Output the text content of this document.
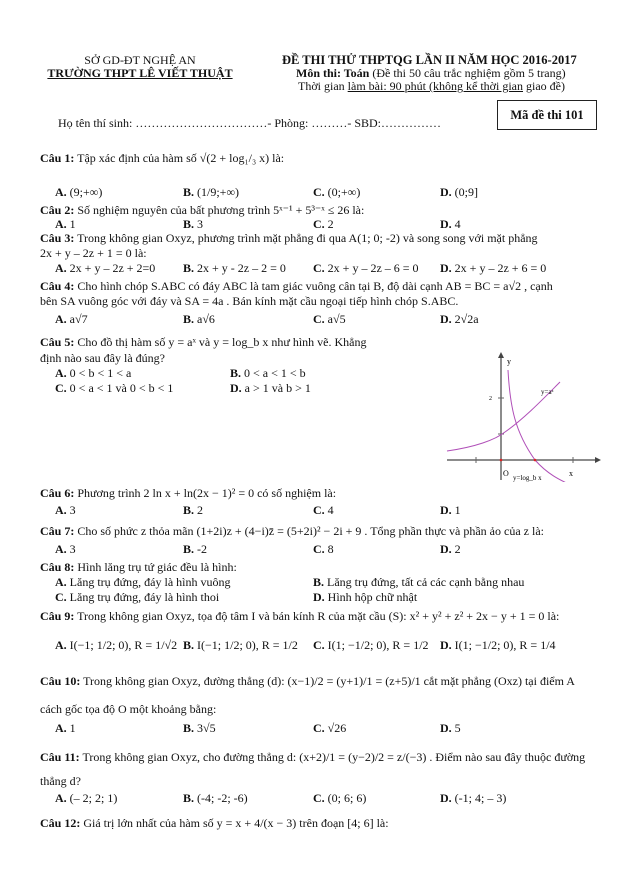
SỞ GD-ĐT NGHỆ AN
TRƯỜNG THPT LÊ VIẾT THUẬT
ĐỀ THI THỬ THPTQG LẦN II NĂM HỌC 2016-2017
Môn thi: Toán (Đề thi 50 câu trắc nghiệm gồm 5 trang)
Thời gian làm bài: 90 phút (không kể thời gian giao đề)
Mã đề thi 101
Họ tên thí sinh: ……………………………- Phòng: ………- SBD:……………
Câu 1: Tập xác định của hàm số √(2 + log₁/₃ x) là:
A. (9;+∞)	B. (1/9;+∞)	C. (0;+∞)	D. (0;9]
Câu 2: Số nghiệm nguyên của bất phương trình 5ˣ⁻¹ + 5³⁻ˣ ≤ 26 là:
A. 1	B. 3	C. 2	D. 4
Câu 3: Trong không gian Oxyz, phương trình mặt phẳng đi qua A(1; 0; -2) và song song với mặt phẳng
2x + y – 2z + 1 = 0 là:
A. 2x + y – 2z + 2=0 B. 2x + y - 2z – 2 = 0 C. 2x + y – 2z – 6 = 0 D. 2x + y – 2z + 6 = 0
Câu 4: Cho hình chóp S.ABC có đáy ABC là tam giác vuông cân tại B, độ dài cạnh AB = BC = a√2 , cạnh
bên SA vuông góc với đáy và SA = 4a . Bán kính mặt cầu ngoại tiếp hình chóp S.ABC.
A. a√7	B. a√6	C. a√5	D. 2√2a
Câu 5: Cho đồ thị hàm số y = aˣ và y = log_b x như hình vẽ. Khẳng
định nào sau đây là đúng?
A. 0 < b < 1 < a	B. 0 < a < 1 < b
C. 0 < a < 1 và 0 < b < 1	D. a > 1 và b > 1
Câu 6: Phương trình 2 ln x + ln(2x − 1)² = 0 có số nghiệm là:
A. 3	B. 2	C. 4	D. 1
Câu 7: Cho số phức z thỏa mãn (1+2i)z + (4−i)z̄ = (5+2i)² − 2i + 9 . Tổng phần thực và phần ảo của z là:
A. 3	B. -2	C. 8	D. 2
Câu 8: Hình lăng trụ tứ giác đều là hình:
A. Lăng trụ đứng, đáy là hình vuông	B. Lăng trụ đứng, tất cả các cạnh bằng nhau
C. Lăng trụ đứng, đáy là hình thoi	D. Hình hộp chữ nhật
Câu 9: Trong không gian Oxyz, tọa độ tâm I và bán kính R của mặt cầu (S): x² + y² + z² + 2x − y + 1 = 0 là:
A. I(−1; 1/2; 0), R = 1/√2 B. I(−1; 1/2; 0), R = 1/2 C. I(1; −1/2; 0), R = 1/2 D. I(1; −1/2; 0), R = 1/4
Câu 10: Trong không gian Oxyz, đường thẳng (d): (x−1)/2 = (y+1)/1 = (z+5)/1 cắt mặt phẳng (Oxz) tại điểm A
cách gốc tọa độ O một khoảng bằng:
A. 1	B. 3√5	C. √26	D. 5
Câu 11: Trong không gian Oxyz, cho đường thẳng d: (x+2)/1 = (y−2)/2 = z/(−3) . Điểm nào sau đây thuộc đường
thẳng d?
A. (– 2; 2; 1)	B. (-4; -2; -6)	C. (0; 6; 6)	D. (-1; 4; – 3)
Câu 12: Giá trị lớn nhất của hàm số y = x + 4/(x − 3) trên đoạn [4; 6] là:
y
x
O
2
y=aˣ
y=log_b x
